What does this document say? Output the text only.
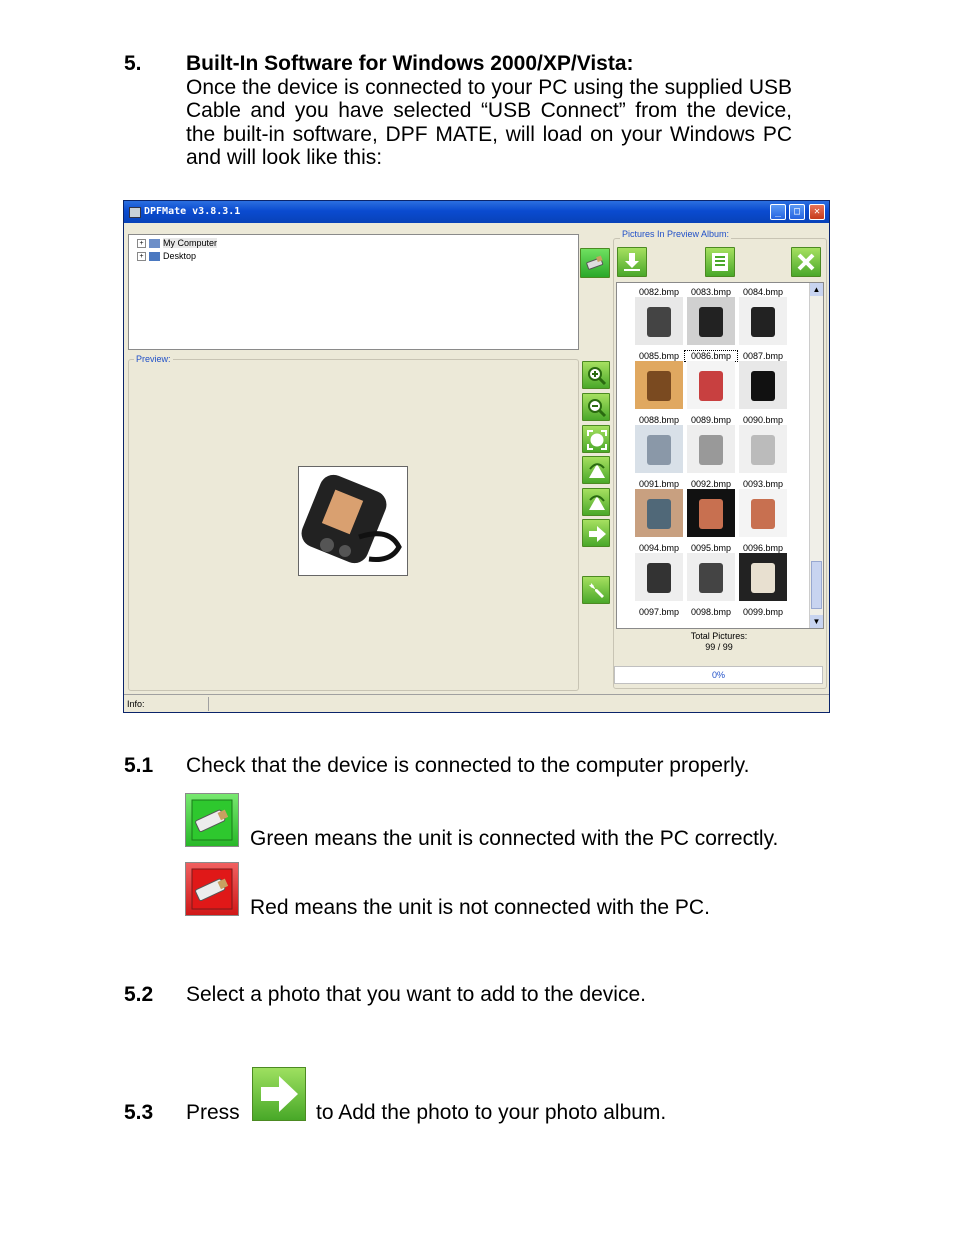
5. Built-In Software for Windows 2000/XP/Vista:
Once the device is connected to your PC using the supplied USB Cable and you have selected “USB Connect” from the device, the built-in software, DPF MATE, will load on your Windows PC and will look like this:
DPFMate v3.8.3.1	_	□	✕
+ My Computer
+ Desktop
Preview:
Pictures In Preview Album:
▲
▼
0082.bmp	0083.bmp	0084.bmp
0085.bmp	0086.bmp	0087.bmp
0088.bmp	0089.bmp	0090.bmp
0091.bmp	0092.bmp	0093.bmp
0094.bmp	0095.bmp	0096.bmp
0097.bmp	0098.bmp	0099.bmp
Total Pictures:
99 / 99
0%
Info:
5.1 Check that the device is connected to the computer properly.
Green means the unit is connected with the PC correctly.
Red means the unit is not connected with the PC.
5.2 Select a photo that you want to add to the device.
5.3 Press	to Add the photo to your photo album.
